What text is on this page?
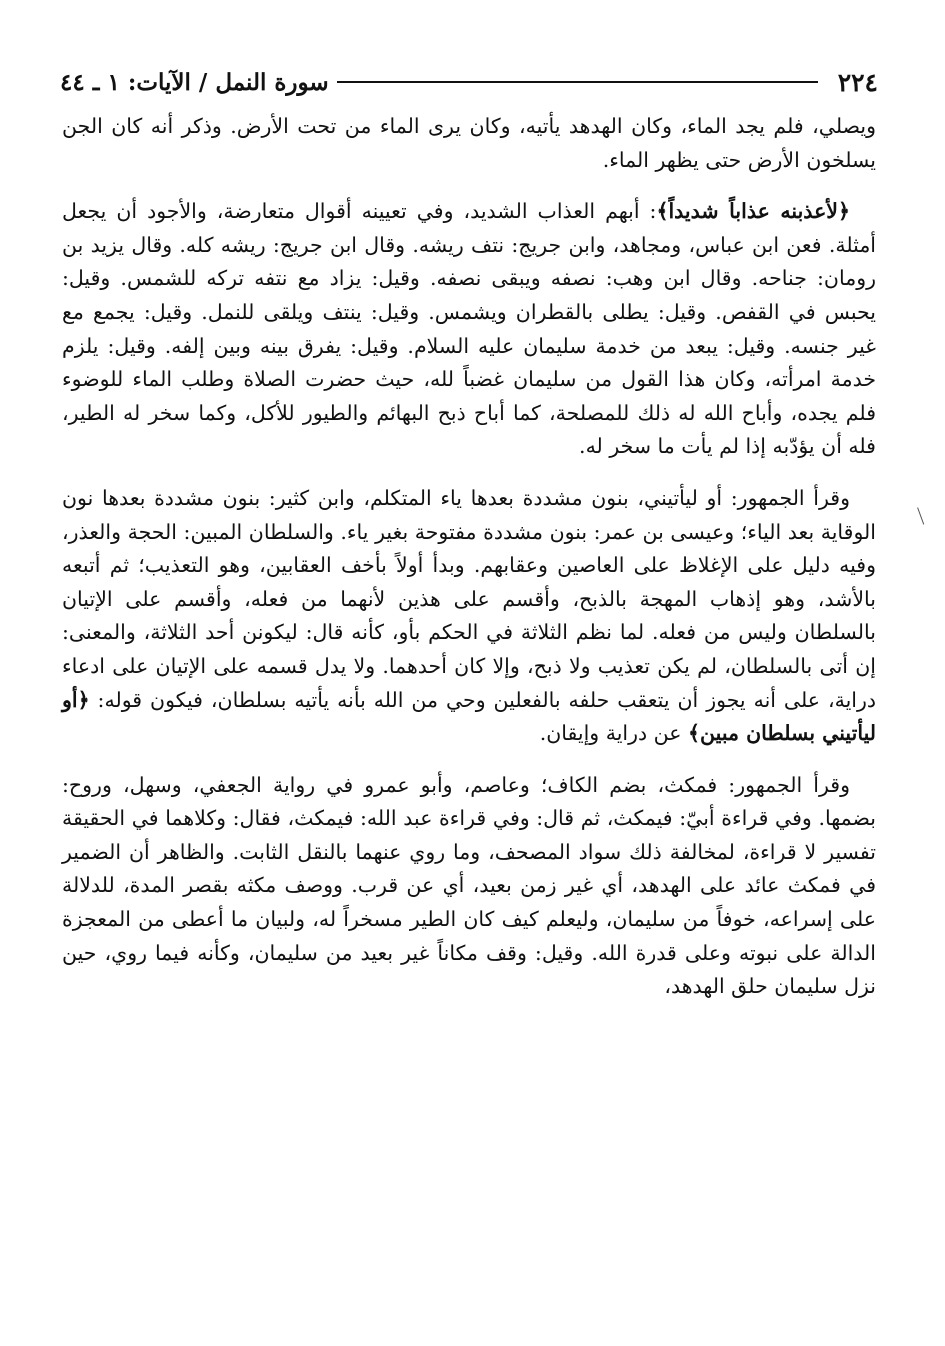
٢٢٤
سورة النمل / الآيات: ١ ـ ٤٤

ويصلي، فلم يجد الماء، وكان الهدهد يأتيه، وكان يرى الماء من تحت الأرض. وذكر أنه كان الجن يسلخون الأرض حتى يظهر الماء.

﴿لأعذبنه عذاباً شديداً﴾: أبهم العذاب الشديد، وفي تعيينه أقوال متعارضة، والأجود أن يجعل أمثلة. فعن ابن عباس، ومجاهد، وابن جريج: نتف ريشه. وقال ابن جريج: ريشه كله. وقال يزيد بن رومان: جناحه. وقال ابن وهب: نصفه ويبقى نصفه. وقيل: يزاد مع نتفه تركه للشمس. وقيل: يحبس في القفص. وقيل: يطلى بالقطران ويشمس. وقيل: ينتف ويلقى للنمل. وقيل: يجمع مع غير جنسه. وقيل: يبعد من خدمة سليمان عليه السلام. وقيل: يفرق بينه وبين إلفه. وقيل: يلزم خدمة امرأته، وكان هذا القول من سليمان غضباً لله، حيث حضرت الصلاة وطلب الماء للوضوء فلم يجده، وأباح الله له ذلك للمصلحة، كما أباح ذبح البهائم والطيور للأكل، وكما سخر له الطير، فله أن يؤدّبه إذا لم يأت ما سخر له.

وقرأ الجمهور: أو ليأتيني، بنون مشددة بعدها ياء المتكلم، وابن كثير: بنون مشددة بعدها نون الوقاية بعد الياء؛ وعيسى بن عمر: بنون مشددة مفتوحة بغير ياء. والسلطان المبين: الحجة والعذر، وفيه دليل على الإغلاظ على العاصين وعقابهم. وبدأ أولاً بأخف العقابين، وهو التعذيب؛ ثم أتبعه بالأشد، وهو إذهاب المهجة بالذبح، وأقسم على هذين لأنهما من فعله، وأقسم على الإتيان بالسلطان وليس من فعله. لما نظم الثلاثة في الحكم بأو، كأنه قال: ليكونن أحد الثلاثة، والمعنى: إن أتى بالسلطان، لم يكن تعذيب ولا ذبح، وإلا كان أحدهما. ولا يدل قسمه على الإتيان على ادعاء دراية، على أنه يجوز أن يتعقب حلفه بالفعلين وحي من الله بأنه يأتيه بسلطان، فيكون قوله: ﴿أو ليأتيني بسلطان مبين﴾ عن دراية وإيقان.

وقرأ الجمهور: فمكث، بضم الكاف؛ وعاصم، وأبو عمرو في رواية الجعفي، وسهل، وروح: بضمها. وفي قراءة أبيّ: فيمكث، ثم قال: وفي قراءة عبد الله: فيمكث، فقال: وكلاهما في الحقيقة تفسير لا قراءة، لمخالفة ذلك سواد المصحف، وما روي عنهما بالنقل الثابت. والظاهر أن الضمير في فمكث عائد على الهدهد، أي غير زمن بعيد، أي عن قرب. ووصف مكثه بقصر المدة، للدلالة على إسراعه، خوفاً من سليمان، وليعلم كيف كان الطير مسخراً له، ولبيان ما أعطى من المعجزة الدالة على نبوته وعلى قدرة الله. وقيل: وقف مكاناً غير بعيد من سليمان، وكأنه فيما روي، حين نزل سليمان حلق الهدهد،
